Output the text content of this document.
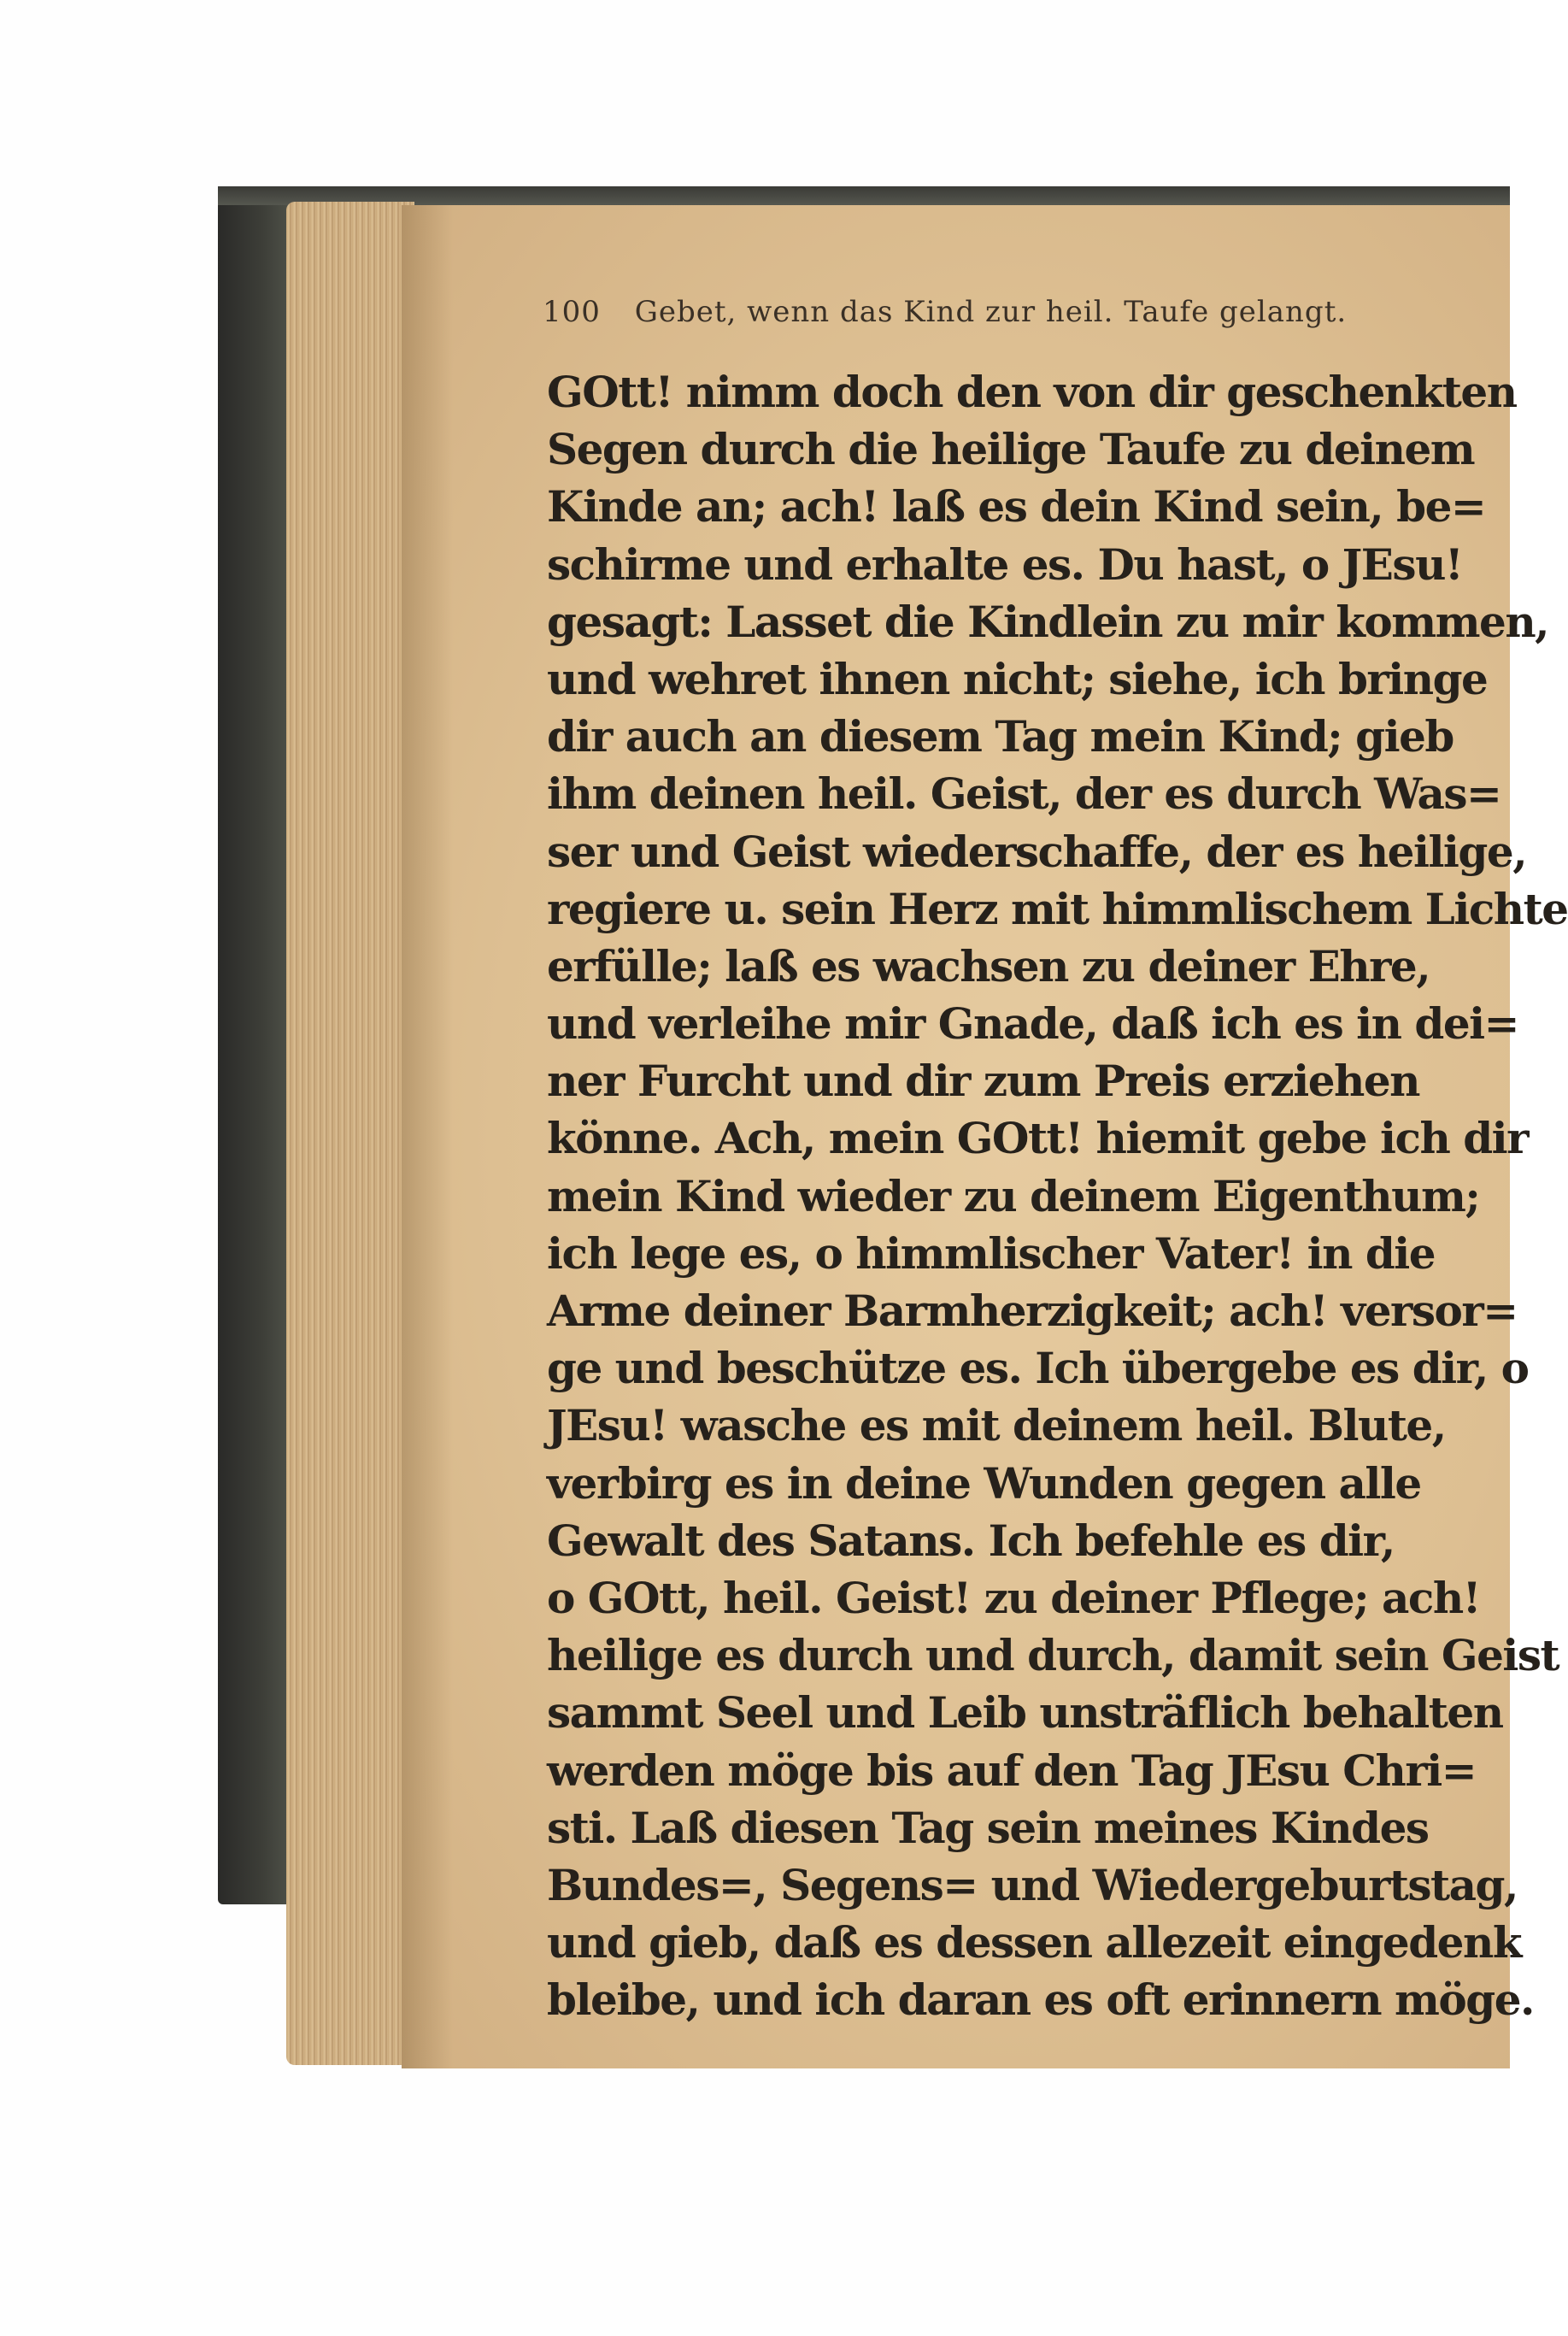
100 Gebet, wenn das Kind zur heil. Taufe gelangt.
GOtt! nimm doch den von dir geschenkten
Segen durch die heilige Taufe zu deinem
Kinde an; ach! laß es dein Kind sein, be=
schirme und erhalte es. Du hast, o JEsu!
gesagt: Lasset die Kindlein zu mir kommen,
und wehret ihnen nicht; siehe, ich bringe
dir auch an diesem Tag mein Kind; gieb
ihm deinen heil. Geist, der es durch Was=
ser und Geist wiederschaffe, der es heilige,
regiere u. sein Herz mit himmlischem Lichte
erfülle; laß es wachsen zu deiner Ehre,
und verleihe mir Gnade, daß ich es in dei=
ner Furcht und dir zum Preis erziehen
könne. Ach, mein GOtt! hiemit gebe ich dir
mein Kind wieder zu deinem Eigenthum;
ich lege es, o himmlischer Vater! in die
Arme deiner Barmherzigkeit; ach! versor=
ge und beschütze es. Ich übergebe es dir, o
JEsu! wasche es mit deinem heil. Blute,
verbirg es in deine Wunden gegen alle
Gewalt des Satans. Ich befehle es dir,
o GOtt, heil. Geist! zu deiner Pflege; ach!
heilige es durch und durch, damit sein Geist
sammt Seel und Leib unsträflich behalten
werden möge bis auf den Tag JEsu Chri=
sti. Laß diesen Tag sein meines Kindes
Bundes=, Segens= und Wiedergeburtstag,
und gieb, daß es dessen allezeit eingedenk
bleibe, und ich daran es oft erinnern möge.
